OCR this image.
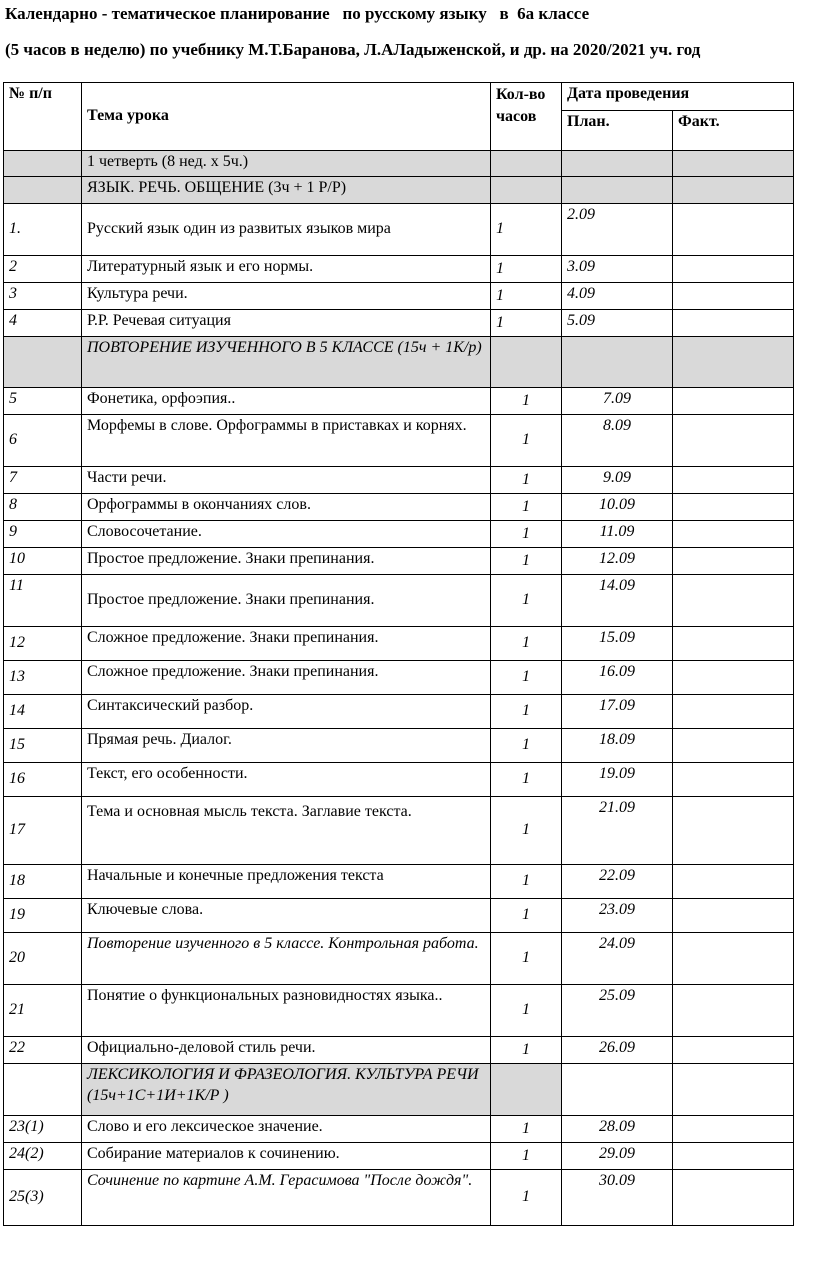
Календарно - тематическое планирование   по русскому языку   в  6а классе
(5 часов в неделю) по учебнику М.Т.Баранова, Л.АЛадыженской, и др. на 2020/2021 уч. год
№ п/п	Тема урока	Кол-во часов	Дата проведения	
			План.	Факт.
	1 четверть (8 нед. х 5ч.)			
	ЯЗЫК. РЕЧЬ. ОБЩЕНИЕ (3ч + 1 Р/Р)			
1.	Русский язык один из развитых языков мира	1	2.09	
2	Литературный язык и его нормы.	1	3.09	
3	Культура речи.	1	4.09	
4	Р.Р. Речевая ситуация	1	5.09	
	ПОВТОРЕНИЕ ИЗУЧЕННОГО В 5 КЛАССЕ (15ч + 1К/р)			
5	Фонетика, орфоэпия..	1	7.09	
6	Морфемы в слове. Орфограммы в приставках и корнях.	1	8.09	
7	Части речи.	1	9.09	
8	Орфограммы в окончаниях слов.	1	10.09	
9	Словосочетание.	1	11.09	
10	Простое предложение. Знаки препинания.	1	12.09	
11	Простое предложение. Знаки препинания.	1	14.09	
12	Сложное предложение. Знаки препинания.	1	15.09	
13	Сложное предложение. Знаки препинания.	1	16.09	
14	Синтаксический разбор.	1	17.09	
15	Прямая речь. Диалог.	1	18.09	
16	Текст, его особенности.	1	19.09	
17	Тема и основная мысль текста. Заглавие текста.	1	21.09	
18	Начальные и конечные предложения текста	1	22.09	
19	Ключевые слова.	1	23.09	
20	Повторение изученного в 5 классе. Контрольная работа.	1	24.09	
21	Понятие о функциональных разновидностях языка..	1	25.09	
22	Официально-деловой стиль речи.	1	26.09	
	ЛЕКСИКОЛОГИЯ И ФРАЗЕОЛОГИЯ. КУЛЬТУРА РЕЧИ (15ч+1С+1И+1К/Р )			
23(1)	Слово и его лексическое значение.	1	28.09	
24(2)	Собирание материалов к сочинению.	1	29.09	
25(3)	Сочинение по картине А.М. Герасимова "После дождя".	1	30.09	
